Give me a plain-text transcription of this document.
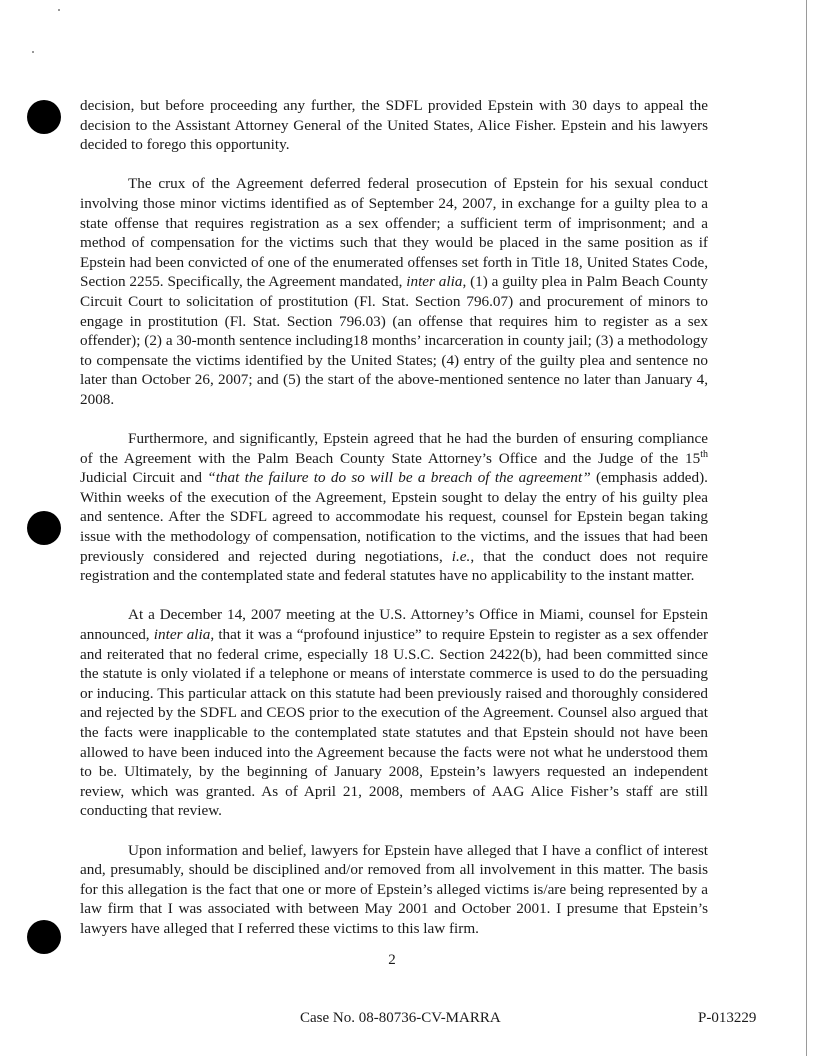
decision, but before proceeding any further, the SDFL provided Epstein with 30 days to appeal the decision to the Assistant Attorney General of the United States, Alice Fisher. Epstein and his lawyers decided to forego this opportunity.

The crux of the Agreement deferred federal prosecution of Epstein for his sexual conduct involving those minor victims identified as of September 24, 2007, in exchange for a guilty plea to a state offense that requires registration as a sex offender; a sufficient term of imprisonment; and a method of compensation for the victims such that they would be placed in the same position as if Epstein had been convicted of one of the enumerated offenses set forth in Title 18, United States Code, Section 2255. Specifically, the Agreement mandated, inter alia, (1) a guilty plea in Palm Beach County Circuit Court to solicitation of prostitution (Fl. Stat. Section 796.07) and procurement of minors to engage in prostitution (Fl. Stat. Section 796.03) (an offense that requires him to register as a sex offender); (2) a 30-month sentence including18 months’ incarceration in county jail; (3) a methodology to compensate the victims identified by the United States; (4) entry of the guilty plea and sentence no later than October 26, 2007; and (5) the start of the above-mentioned sentence no later than January 4, 2008.

Furthermore, and significantly, Epstein agreed that he had the burden of ensuring compliance of the Agreement with the Palm Beach County State Attorney’s Office and the Judge of the 15th Judicial Circuit and “that the failure to do so will be a breach of the agreement” (emphasis added). Within weeks of the execution of the Agreement, Epstein sought to delay the entry of his guilty plea and sentence. After the SDFL agreed to accommodate his request, counsel for Epstein began taking issue with the methodology of compensation, notification to the victims, and the issues that had been previously considered and rejected during negotiations, i.e., that the conduct does not require registration and the contemplated state and federal statutes have no applicability to the instant matter.

At a December 14, 2007 meeting at the U.S. Attorney’s Office in Miami, counsel for Epstein announced, inter alia, that it was a “profound injustice” to require Epstein to register as a sex offender and reiterated that no federal crime, especially 18 U.S.C. Section 2422(b), had been committed since the statute is only violated if a telephone or means of interstate commerce is used to do the persuading or inducing. This particular attack on this statute had been previously raised and thoroughly considered and rejected by the SDFL and CEOS prior to the execution of the Agreement. Counsel also argued that the facts were inapplicable to the contemplated state statutes and that Epstein should not have been allowed to have been induced into the Agreement because the facts were not what he understood them to be. Ultimately, by the beginning of January 2008, Epstein’s lawyers requested an independent review, which was granted. As of April 21, 2008, members of AAG Alice Fisher’s staff are still conducting that review.

Upon information and belief, lawyers for Epstein have alleged that I have a conflict of interest and, presumably, should be disciplined and/or removed from all involvement in this matter. The basis for this allegation is the fact that one or more of Epstein’s alleged victims is/are being represented by a law firm that I was associated with between May 2001 and October 2001. I presume that Epstein’s lawyers have alleged that I referred these victims to this law firm.

2
Case No. 08-80736-CV-MARRA	P-013229
